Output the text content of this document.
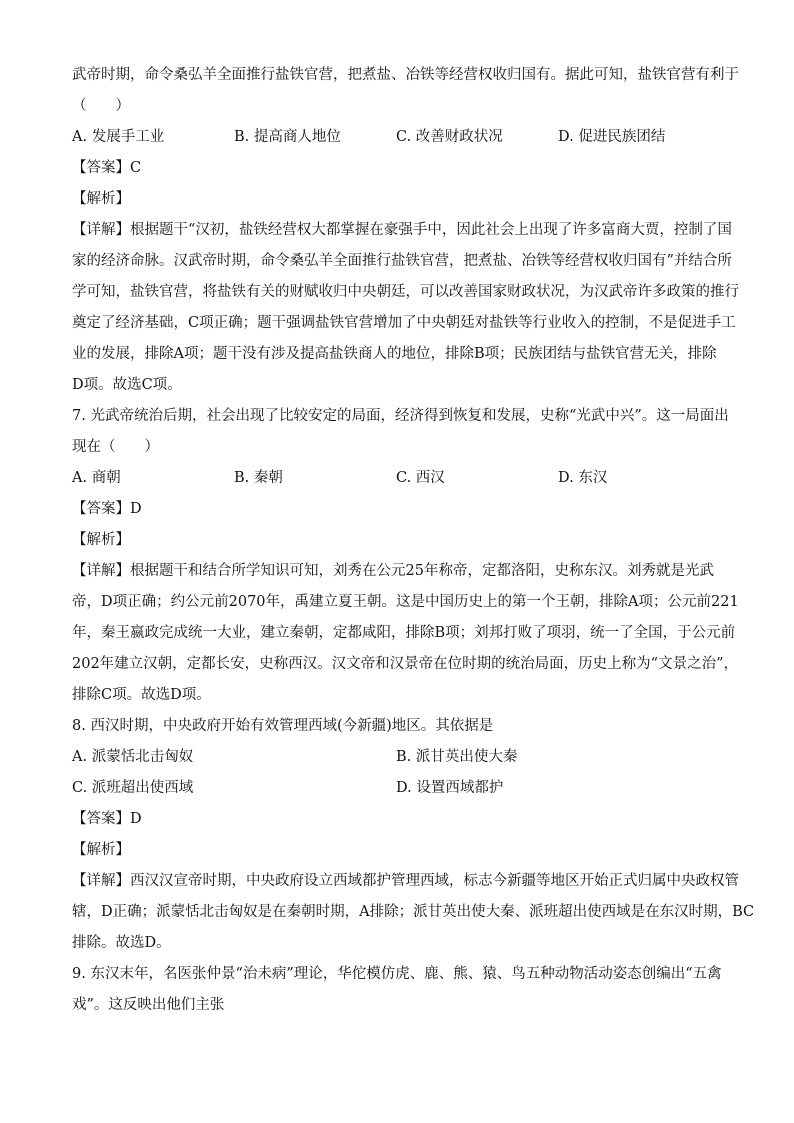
武帝时期，命令桑弘羊全面推行盐铁官营，把煮盐、冶铁等经营权收归国有。据此可知，盐铁官营有利于
（　　）
A. 发展手工业	B. 提高商人地位	C. 改善财政状况	D. 促进民族团结
【答案】C
【解析】
【详解】根据题干“汉初，盐铁经营权大都掌握在豪强手中，因此社会上出现了许多富商大贾，控制了国
家的经济命脉。汉武帝时期，命令桑弘羊全面推行盐铁官营，把煮盐、冶铁等经营权收归国有”并结合所
学可知，盐铁官营，将盐铁有关的财赋收归中央朝廷，可以改善国家财政状况，为汉武帝许多政策的推行
奠定了经济基础，C项正确；题干强调盐铁官营增加了中央朝廷对盐铁等行业收入的控制，不是促进手工
业的发展，排除A项；题干没有涉及提高盐铁商人的地位，排除B项；民族团结与盐铁官营无关，排除
D项。故选C项。
7. 光武帝统治后期，社会出现了比较安定的局面，经济得到恢复和发展，史称“光武中兴”。这一局面出
现在（　　）
A. 商朝	B. 秦朝	C. 西汉	D. 东汉
【答案】D
【解析】
【详解】根据题干和结合所学知识可知，刘秀在公元25年称帝，定都洛阳，史称东汉。刘秀就是光武
帝，D项正确；约公元前2070年，禹建立夏王朝。这是中国历史上的第一个王朝，排除A项；公元前221
年，秦王嬴政完成统一大业，建立秦朝，定都咸阳，排除B项；刘邦打败了项羽，统一了全国，于公元前
202年建立汉朝，定都长安，史称西汉。汉文帝和汉景帝在位时期的统治局面，历史上称为“文景之治”，
排除C项。故选D项。
8. 西汉时期，中央政府开始有效管理西域(今新疆)地区。其依据是
A. 派蒙恬北击匈奴	B. 派甘英出使大秦
C. 派班超出使西域	D. 设置西域都护
【答案】D
【解析】
【详解】西汉汉宣帝时期，中央政府设立西域都护管理西域，标志今新疆等地区开始正式归属中央政权管
辖，D正确；派蒙恬北击匈奴是在秦朝时期，A排除；派甘英出使大秦、派班超出使西域是在东汉时期，BC
排除。故选D。
9. 东汉末年，名医张仲景“治未病”理论，华佗模仿虎、鹿、熊、猿、鸟五种动物活动姿态创编出“五禽
戏”。这反映出他们主张
